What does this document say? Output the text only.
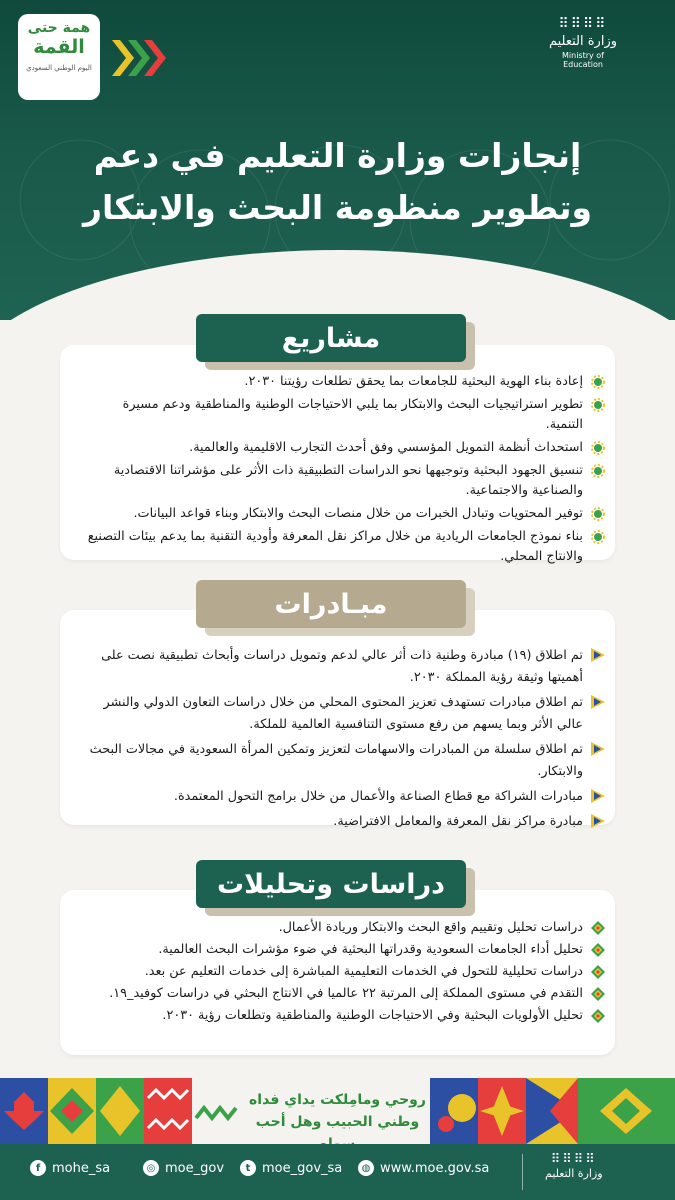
همة حتى
القمة
اليوم الوطني السعودي
⠿⠿⠿⠿
وزارة التعليم
Ministry of Education
إنجازات وزارة التعليم في دعم وتطوير منظومة البحث والابتكار
مشاريع
إعادة بناء الهوية البحثية للجامعات بما يحقق تطلعات رؤيتنا ٢٠٣٠.
تطوير استراتيجيات البحث والابتكار بما يلبي الاحتياجات الوطنية والمناطقية ودعم مسيرة التنمية.
استحداث أنظمة التمويل المؤسسي وفق أحدث التجارب الاقليمية والعالمية.
تنسيق الجهود البحثية وتوجيهها نحو الدراسات التطبيقية ذات الأثر على مؤشراتنا الاقتصادية والصناعية والاجتماعية.
توفير المحتويات وتبادل الخبرات من خلال منصات البحث والابتكار وبناء قواعد البيانات.
بناء نموذج الجامعات الريادية من خلال مراكز نقل المعرفة وأودية التقنية بما يدعم بيئات التصنيع والانتاج المحلي.
مبـادرات
تم اطلاق (١٩) مبادرة وطنية ذات أثر عالي لدعم وتمويل دراسات وأبحاث تطبيقية نصت على أهميتها وثيقة رؤية المملكة ٢٠٣٠.
تم اطلاق مبادرات تستهدف تعزيز المحتوى المحلي من خلال دراسات التعاون الدولي والنشر عالي الأثر وبما يسهم من رفع مستوى التنافسية العالمية للملكة.
تم اطلاق سلسلة من المبادرات والاسهامات لتعزيز وتمكين المرأة السعودية في مجالات البحث والابتكار.
مبادرات الشراكة مع قطاع الصناعة والأعمال من خلال برامج التحول المعتمدة.
مبادرة مراكز نقل المعرفة والمعامل الافتراضية.
دراسات وتحليلات
دراسات تحليل وتقييم واقع البحث والابتكار وريادة الأعمال.
تحليل أداء الجامعات السعودية وقدراتها البحثية في ضوء مؤشرات البحث العالمية.
دراسات تحليلية للتحول في الخدمات التعليمية المباشرة إلى خدمات التعليم عن بعد.
التقدم في مستوى المملكة إلى المرتبة ٢٢ عالميا في الانتاج البحثي في دراسات كوفيد_١٩.
تحليل الأولويات البحثية وفي الاحتياجات الوطنية والمناطقية وتطلعات رؤية ٢٠٣٠.
روحي ومامِلكت يداي فداه
وطني الحبيب وهل أحب
f mohe_sa	◎ moe_gov	t moe_gov_sa	◍ www.moe.gov.sa
⠿⠿⠿⠿
وزارة التعليم
